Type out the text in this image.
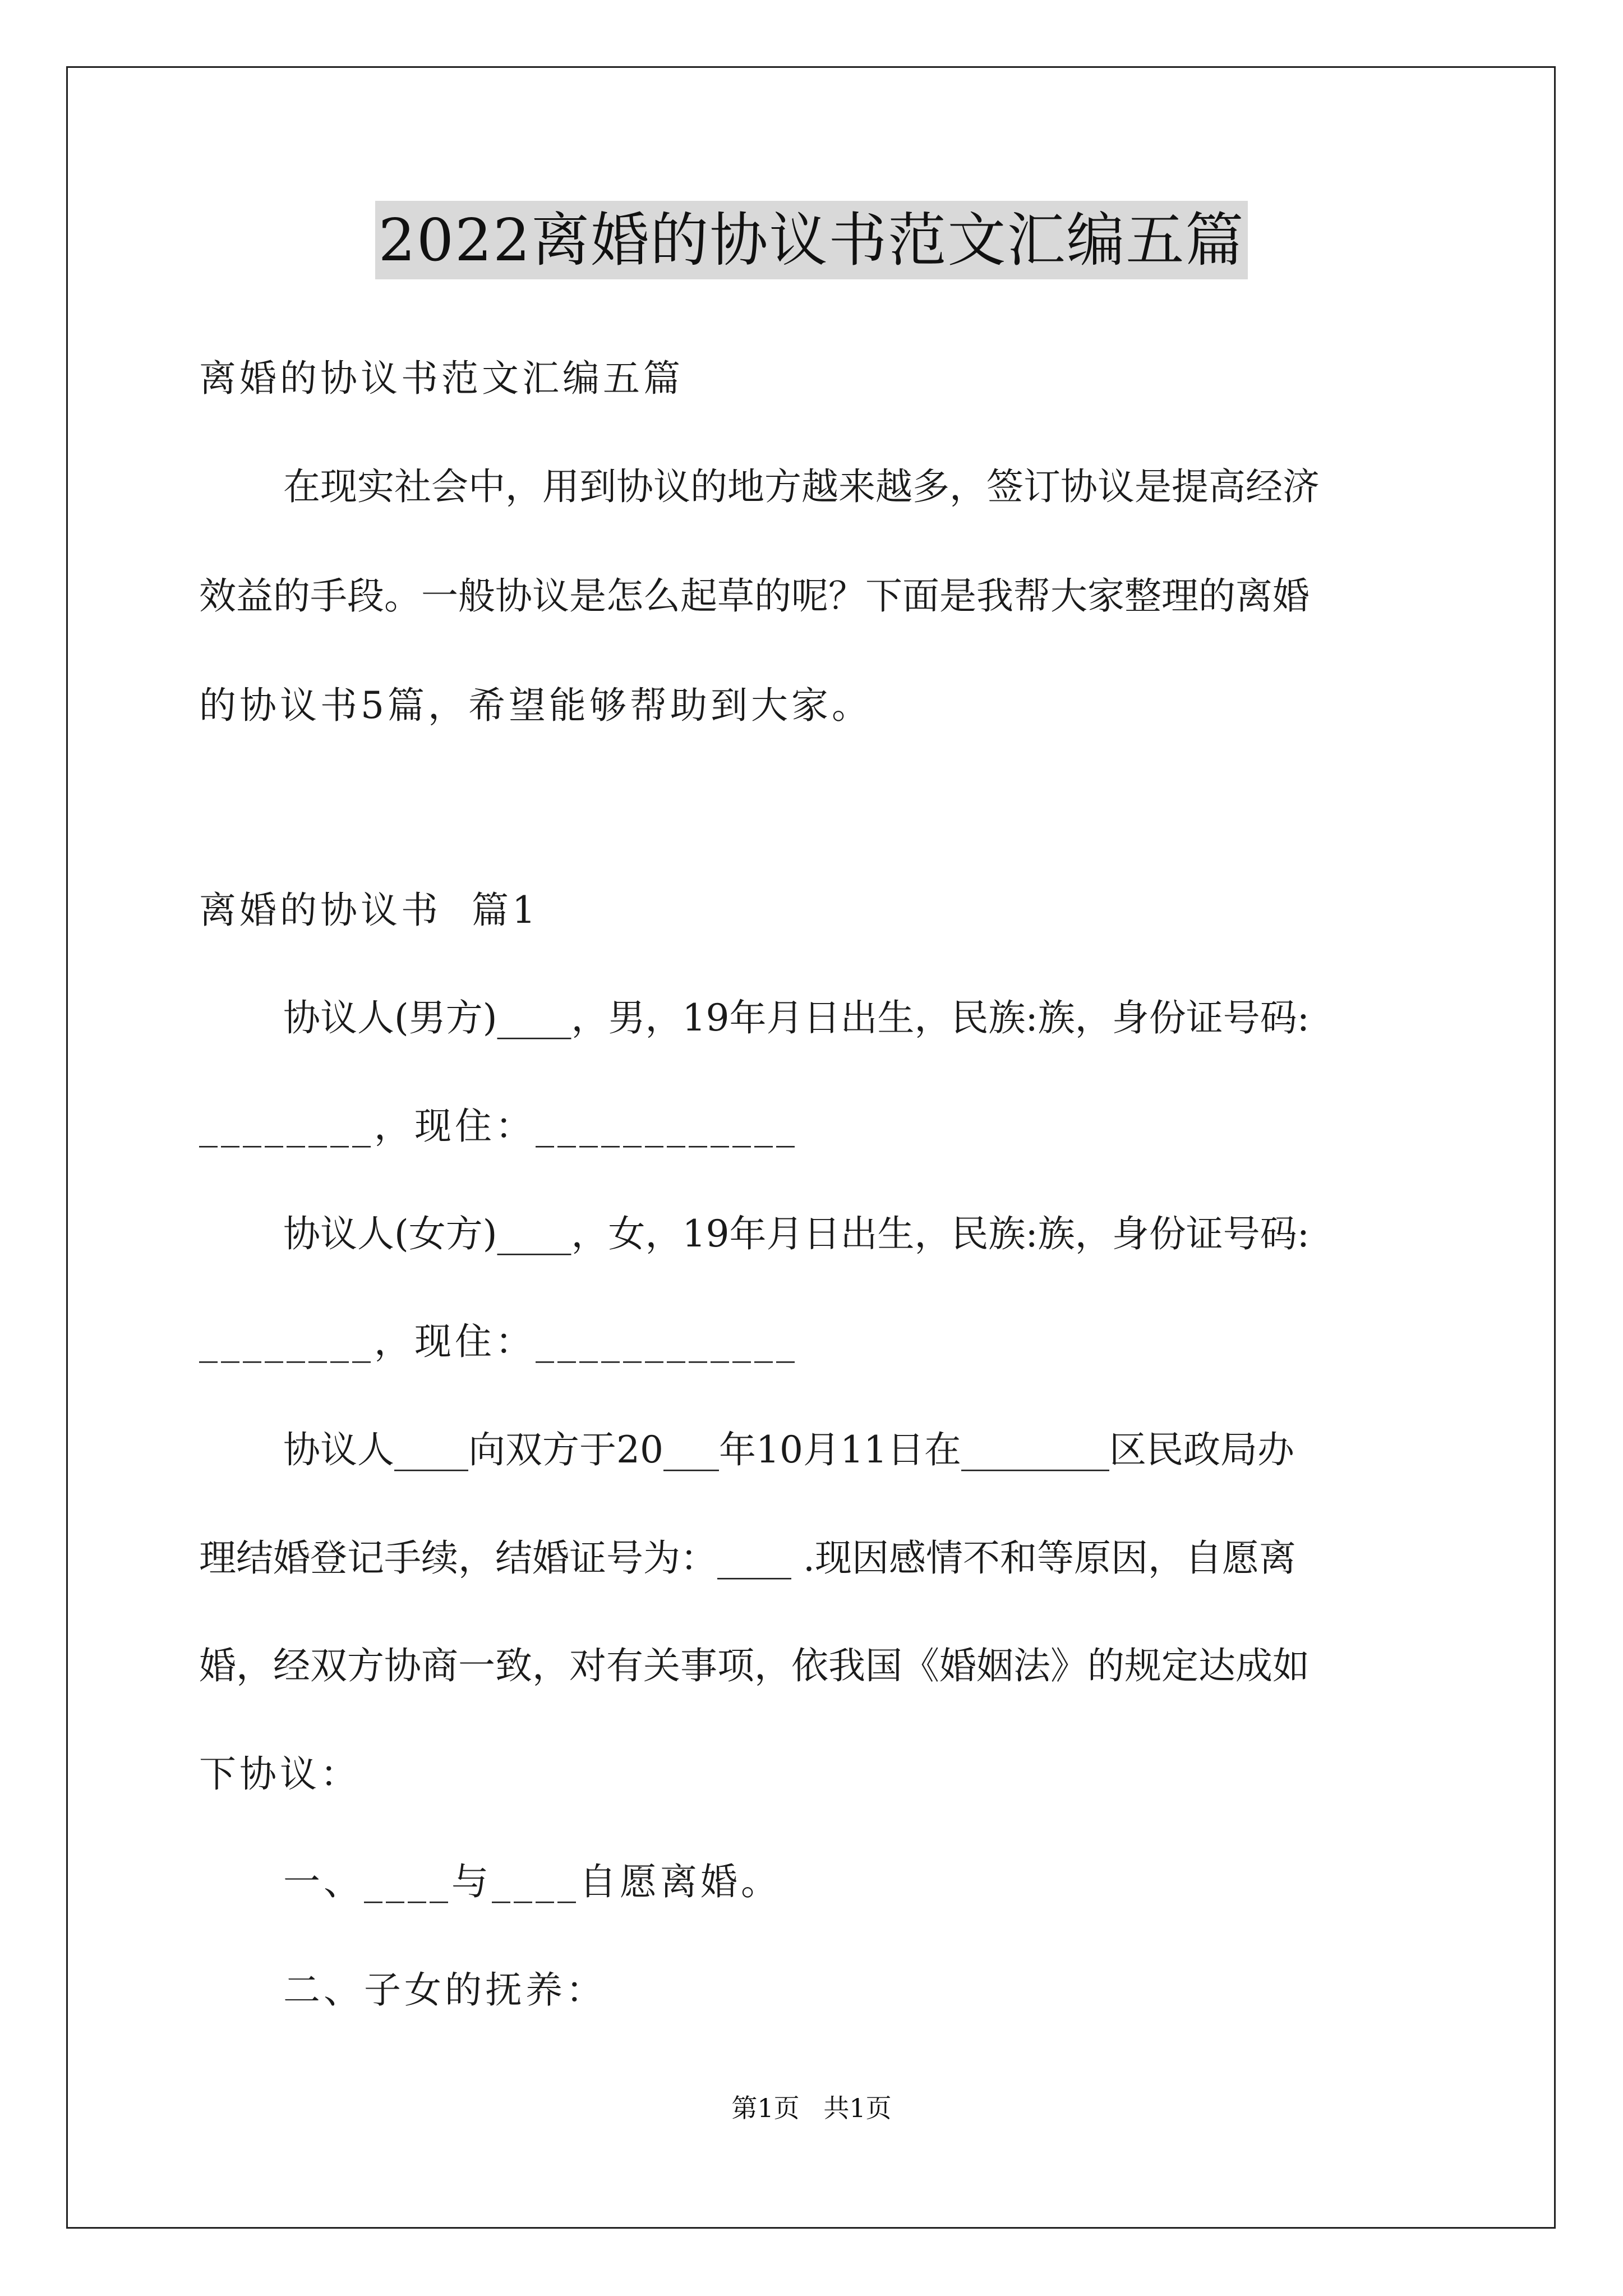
2022离婚的协议书范文汇编五篇
离婚的协议书范文汇编五篇
在现实社会中，用到协议的地方越来越多，签订协议是提高经济
效益的手段。一般协议是怎么起草的呢？下面是我帮大家整理的离婚
的协议书5篇，希望能够帮助到大家。
离婚的协议书  篇1
协议人(男方)____，男，19年月日出生，民族:族，身份证号码:
________，现住：____________
协议人(女方)____，女，19年月日出生，民族:族，身份证号码:
________，现住：____________
协议人____向双方于20___年10月11日在________区民政局办
理结婚登记手续，结婚证号为：____ .现因感情不和等原因，自愿离
婚，经双方协商一致，对有关事项，依我国《婚姻法》的规定达成如
下协议：
一、____与____自愿离婚。
二、子女的抚养：
第1页 共1页
